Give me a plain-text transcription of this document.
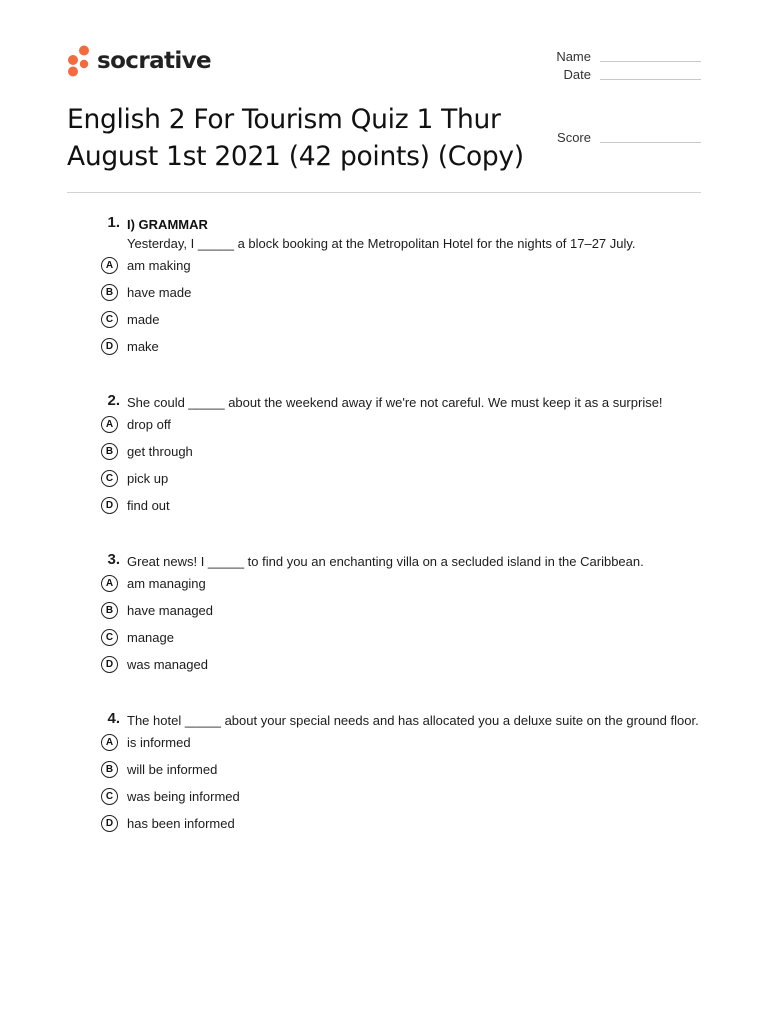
socrative	Name
Date
Score
English 2 For Tourism Quiz 1 Thur
August 1st 2021 (42 points) (Copy)
1. I) GRAMMAR
Yesterday, I _____ a block booking at the Metropolitan Hotel for the nights of 17–27 July.
A	am making
B	have made
C	made
D	make
2. She could _____ about the weekend away if we're not careful. We must keep it as a surprise!
A	drop off
B	get through
C	pick up
D	find out
3. Great news! I _____ to find you an enchanting villa on a secluded island in the Caribbean.
A	am managing
B	have managed
C	manage
D	was managed
4. The hotel _____ about your special needs and has allocated you a deluxe suite on the ground floor.
A	is informed
B	will be informed
C	was being informed
D	has been informed
